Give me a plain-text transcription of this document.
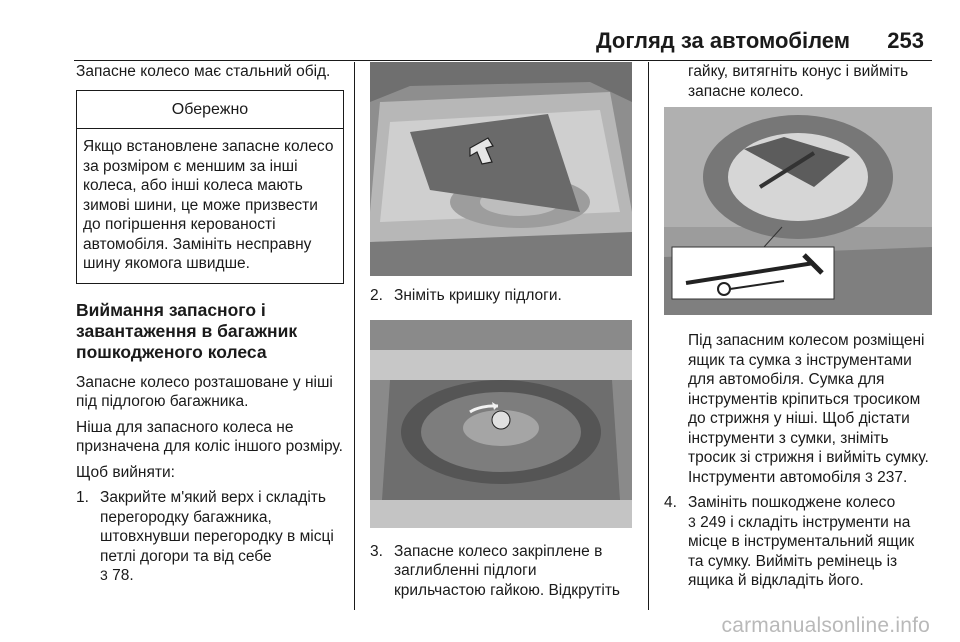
Догляд за автомобілем 253

Запасне колесо має стальний обід.

Обережно
Якщо встановлене запасне колесо за розміром є меншим за інші колеса, або інші колеса мають зимові шини, це може призвести до погіршення керованості автомобіля. Замініть несправну шину якомога швидше.
Виймання запасного і завантаження в багажник пошкодженого колеса

Запасне колесо розташоване у ніші під підлогою багажника.

Ніша для запасного колеса не призначена для коліс іншого розміру.

Щоб вийняти:

1. Закрийте м'який верх і складіть перегородку багажника, штовхнувши перегородку в місці петлі догори та від себе
3 78.
2. Зніміть кришку підлоги.
3. Запасне колесо закріплене в заглибленні підлоги крильчастою гайкою. Відкрутіть

гайку, витягніть конус і вийміть запасне колесо.

Під запасним колесом розміщені ящик та сумка з інструментами для автомобіля. Сумка для інструментів кріпиться тросиком до стрижня у ніші. Щоб дістати інструменти з сумки, зніміть тросик зі стрижня і вийміть сумку. Інструменти автомобіля 3 237.

4. Замініть пошкоджене колесо
3 249 і складіть інструменти на місце в інструментальний ящик та сумку. Вийміть ремінець із ящика й відкладіть його.
carmanualsonline.info
